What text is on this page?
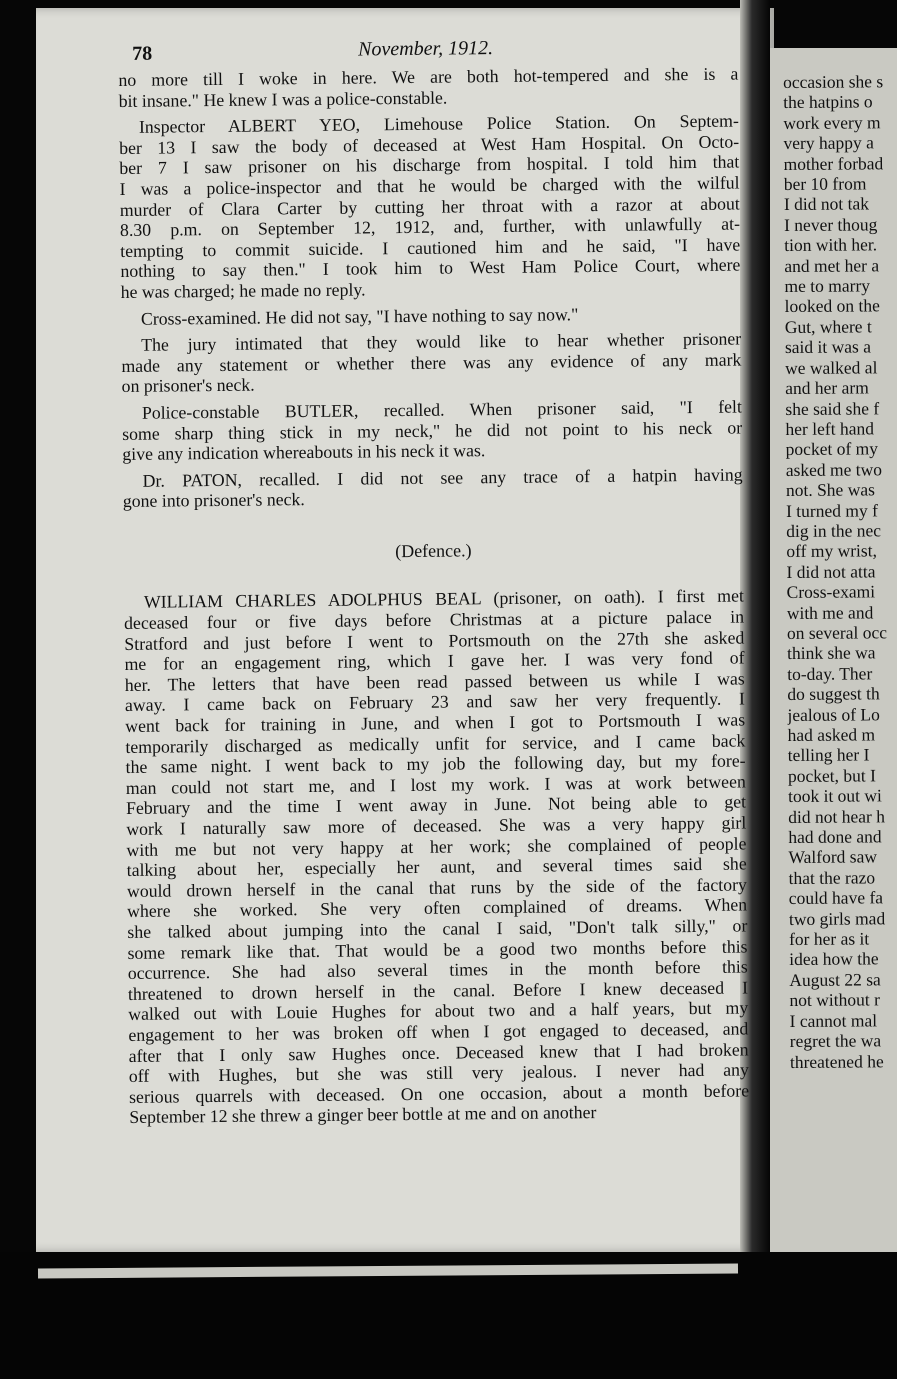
78	November, 1912.
no more till I woke in here. We are both hot-tempered and she is a
bit insane." He knew I was a police-constable.
Inspector ALBERT YEO, Limehouse Police Station. On Septem-
ber 13 I saw the body of deceased at West Ham Hospital. On Octo-
ber 7 I saw prisoner on his discharge from hospital. I told him that
I was a police-inspector and that he would be charged with the wilful
murder of Clara Carter by cutting her throat with a razor at about
8.30 p.m. on September 12, 1912, and, further, with unlawfully at-
tempting to commit suicide. I cautioned him and he said, "I have
nothing to say then." I took him to West Ham Police Court, where
he was charged; he made no reply.
Cross-examined. He did not say, "I have nothing to say now."
The jury intimated that they would like to hear whether prisoner
made any statement or whether there was any evidence of any mark
on prisoner's neck.
Police-constable BUTLER, recalled. When prisoner said, "I felt
some sharp thing stick in my neck," he did not point to his neck or
give any indication whereabouts in his neck it was.
Dr. PATON, recalled. I did not see any trace of a hatpin having
gone into prisoner's neck.
(Defence.)
WILLIAM CHARLES ADOLPHUS BEAL (prisoner, on oath). I first met
deceased four or five days before Christmas at a picture palace in
Stratford and just before I went to Portsmouth on the 27th she asked
me for an engagement ring, which I gave her. I was very fond of
her. The letters that have been read passed between us while I was
away. I came back on February 23 and saw her very frequently. I
went back for training in June, and when I got to Portsmouth I was
temporarily discharged as medically unfit for service, and I came back
the same night. I went back to my job the following day, but my fore-
man could not start me, and I lost my work. I was at work between
February and the time I went away in June. Not being able to get
work I naturally saw more of deceased. She was a very happy girl
with me but not very happy at her work; she complained of people
talking about her, especially her aunt, and several times said she
would drown herself in the canal that runs by the side of the factory
where she worked. She very often complained of dreams. When
she talked about jumping into the canal I said, "Don't talk silly," or
some remark like that. That would be a good two months before this
occurrence. She had also several times in the month before this
threatened to drown herself in the canal. Before I knew deceased I
walked out with Louie Hughes for about two and a half years, but my
engagement to her was broken off when I got engaged to deceased, and
after that I only saw Hughes once. Deceased knew that I had broken
off with Hughes, but she was still very jealous. I never had any
serious quarrels with deceased. On one occasion, about a month before
September 12 she threw a ginger beer bottle at me and on another
occasion she s
the hatpins o
work every m
very happy a
mother forbad
ber 10 from
I did not tak
I never thoug
tion with her.
and met her a
me to marry
looked on the
Gut, where t
said it was a
we walked al
and her arm
she said she f
her left hand
pocket of my
asked me two
not. She was
I turned my f
dig in the nec
off my wrist,
I did not atta
Cross-exami
with me and
on several occ
think she wa
to-day. Ther
do suggest th
jealous of Lo
had asked m
telling her I
pocket, but I
took it out wi
did not hear h
had done and
Walford saw
that the razo
could have fa
two girls mad
for her as it
idea how the
August 22 sa
not without r
I cannot mal
regret the wa
threatened he
